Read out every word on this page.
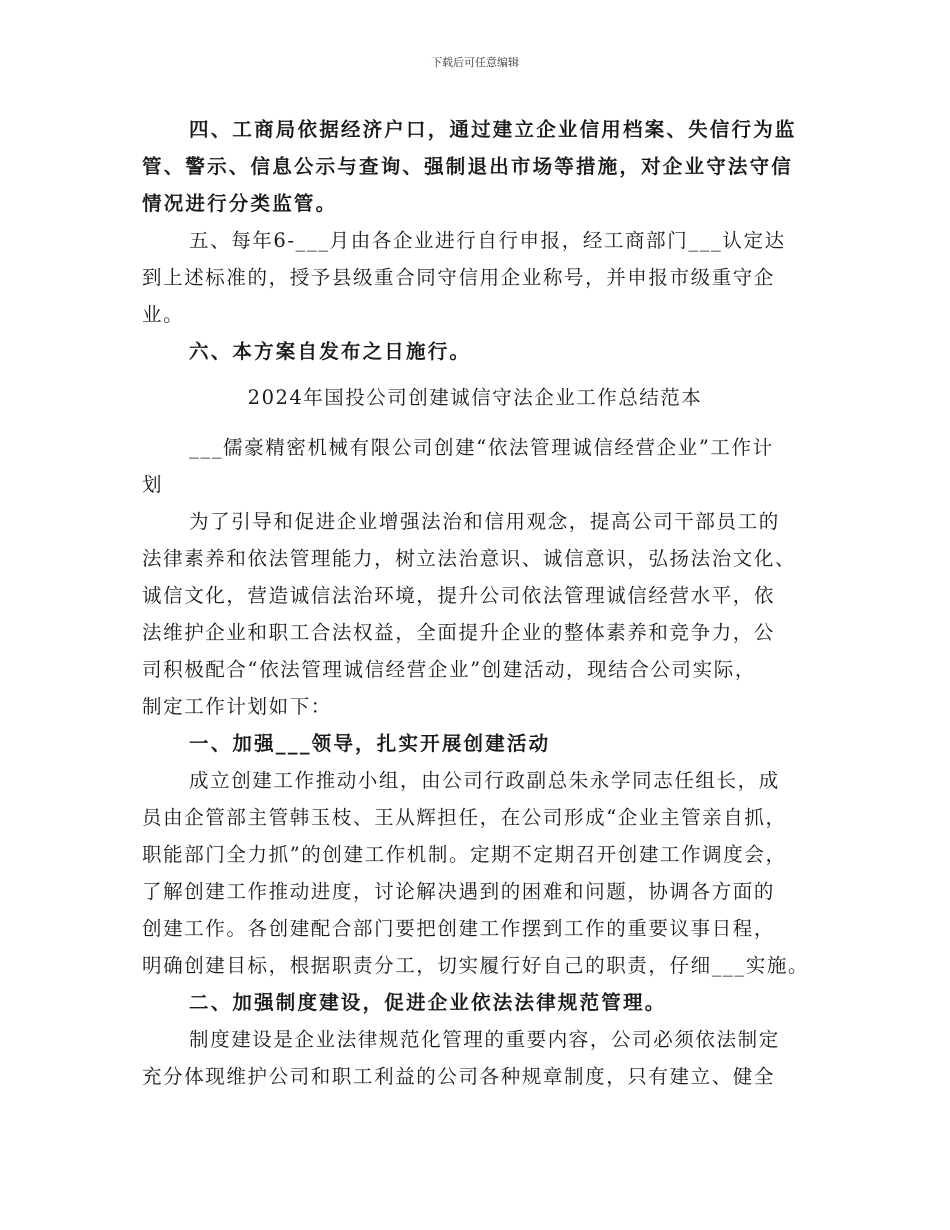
下载后可任意编辑
四、工商局依据经济户口，通过建立企业信用档案、失信行为监
管、警示、信息公示与查询、强制退出市场等措施，对企业守法守信
情况进行分类监管。
五、每年6-___月由各企业进行自行申报，经工商部门___认定达
到上述标准的，授予县级重合同守信用企业称号，并申报市级重守企
业。
六、本方案自发布之日施行。
2024年国投公司创建诚信守法企业工作总结范本
___儒豪精密机械有限公司创建“依法管理诚信经营企业”工作计
划
为了引导和促进企业增强法治和信用观念，提高公司干部员工的
法律素养和依法管理能力，树立法治意识、诚信意识，弘扬法治文化、
诚信文化，营造诚信法治环境，提升公司依法管理诚信经营水平，依
法维护企业和职工合法权益，全面提升企业的整体素养和竞争力，公
司积极配合“依法管理诚信经营企业”创建活动，现结合公司实际，
制定工作计划如下：
一、加强___领导，扎实开展创建活动
成立创建工作推动小组，由公司行政副总朱永学同志任组长，成
员由企管部主管韩玉枝、王从辉担任，在公司形成“企业主管亲自抓，
职能部门全力抓”的创建工作机制。定期不定期召开创建工作调度会，
了解创建工作推动进度，讨论解决遇到的困难和问题，协调各方面的
创建工作。各创建配合部门要把创建工作摆到工作的重要议事日程，
明确创建目标，根据职责分工，切实履行好自己的职责，仔细___实施。
二、加强制度建设，促进企业依法法律规范管理。
制度建设是企业法律规范化管理的重要内容，公司必须依法制定
充分体现维护公司和职工利益的公司各种规章制度，只有建立、健全
